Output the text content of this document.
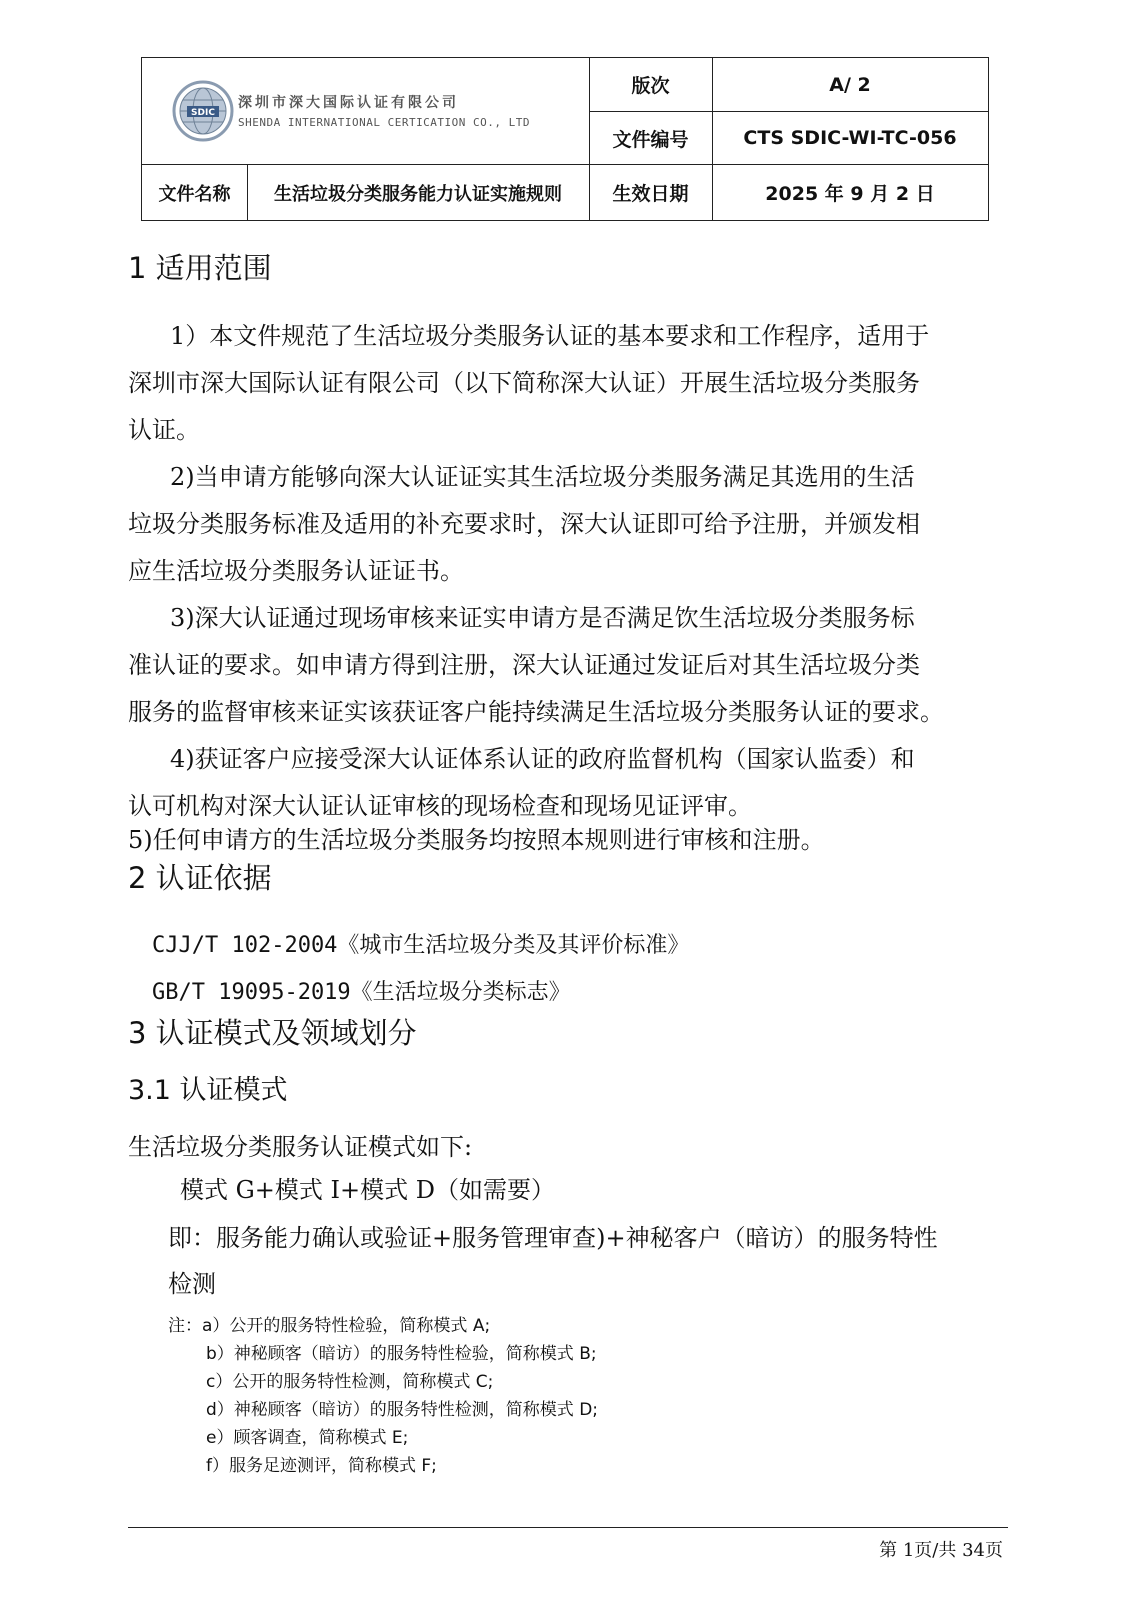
SDIC
深圳市深大国际认证有限公司
SHENDA INTERNATIONAL CERTICATION CO., LTD
版次	A/ 2
文件编号	CTS SDIC-WI-TC-056
文件名称	生活垃圾分类服务能力认证实施规则	生效日期	2025 年 9 月 2 日
1 适用范围
1）本文件规范了生活垃圾分类服务认证的基本要求和工作程序，适用于
深圳市深大国际认证有限公司（以下简称深大认证）开展生活垃圾分类服务
认证。
2)当申请方能够向深大认证证实其生活垃圾分类服务满足其选用的生活
垃圾分类服务标准及适用的补充要求时，深大认证即可给予注册，并颁发相
应生活垃圾分类服务认证证书。
3)深大认证通过现场审核来证实申请方是否满足饮生活垃圾分类服务标
准认证的要求。如申请方得到注册，深大认证通过发证后对其生活垃圾分类
服务的监督审核来证实该获证客户能持续满足生活垃圾分类服务认证的要求。
4)获证客户应接受深大认证体系认证的政府监督机构（国家认监委）和
认可机构对深大认证认证审核的现场检查和现场见证评审。
5)任何申请方的生活垃圾分类服务均按照本规则进行审核和注册。
2 认证依据
CJJ/T 102-2004《城市生活垃圾分类及其评价标准》
GB/T 19095-2019《生活垃圾分类标志》
3 认证模式及领域划分
3.1 认证模式
生活垃圾分类服务认证模式如下:
模式 G+模式 I+模式 D（如需要）
即：服务能力确认或验证+服务管理审查)+神秘客户（暗访）的服务特性
检测
注：a）公开的服务特性检验，简称模式 A;
b）神秘顾客（暗访）的服务特性检验，简称模式 B;
c）公开的服务特性检测，简称模式 C;
d）神秘顾客（暗访）的服务特性检测，简称模式 D;
e）顾客调查，简称模式 E;
f）服务足迹测评，简称模式 F;
第 1页/共 34页
